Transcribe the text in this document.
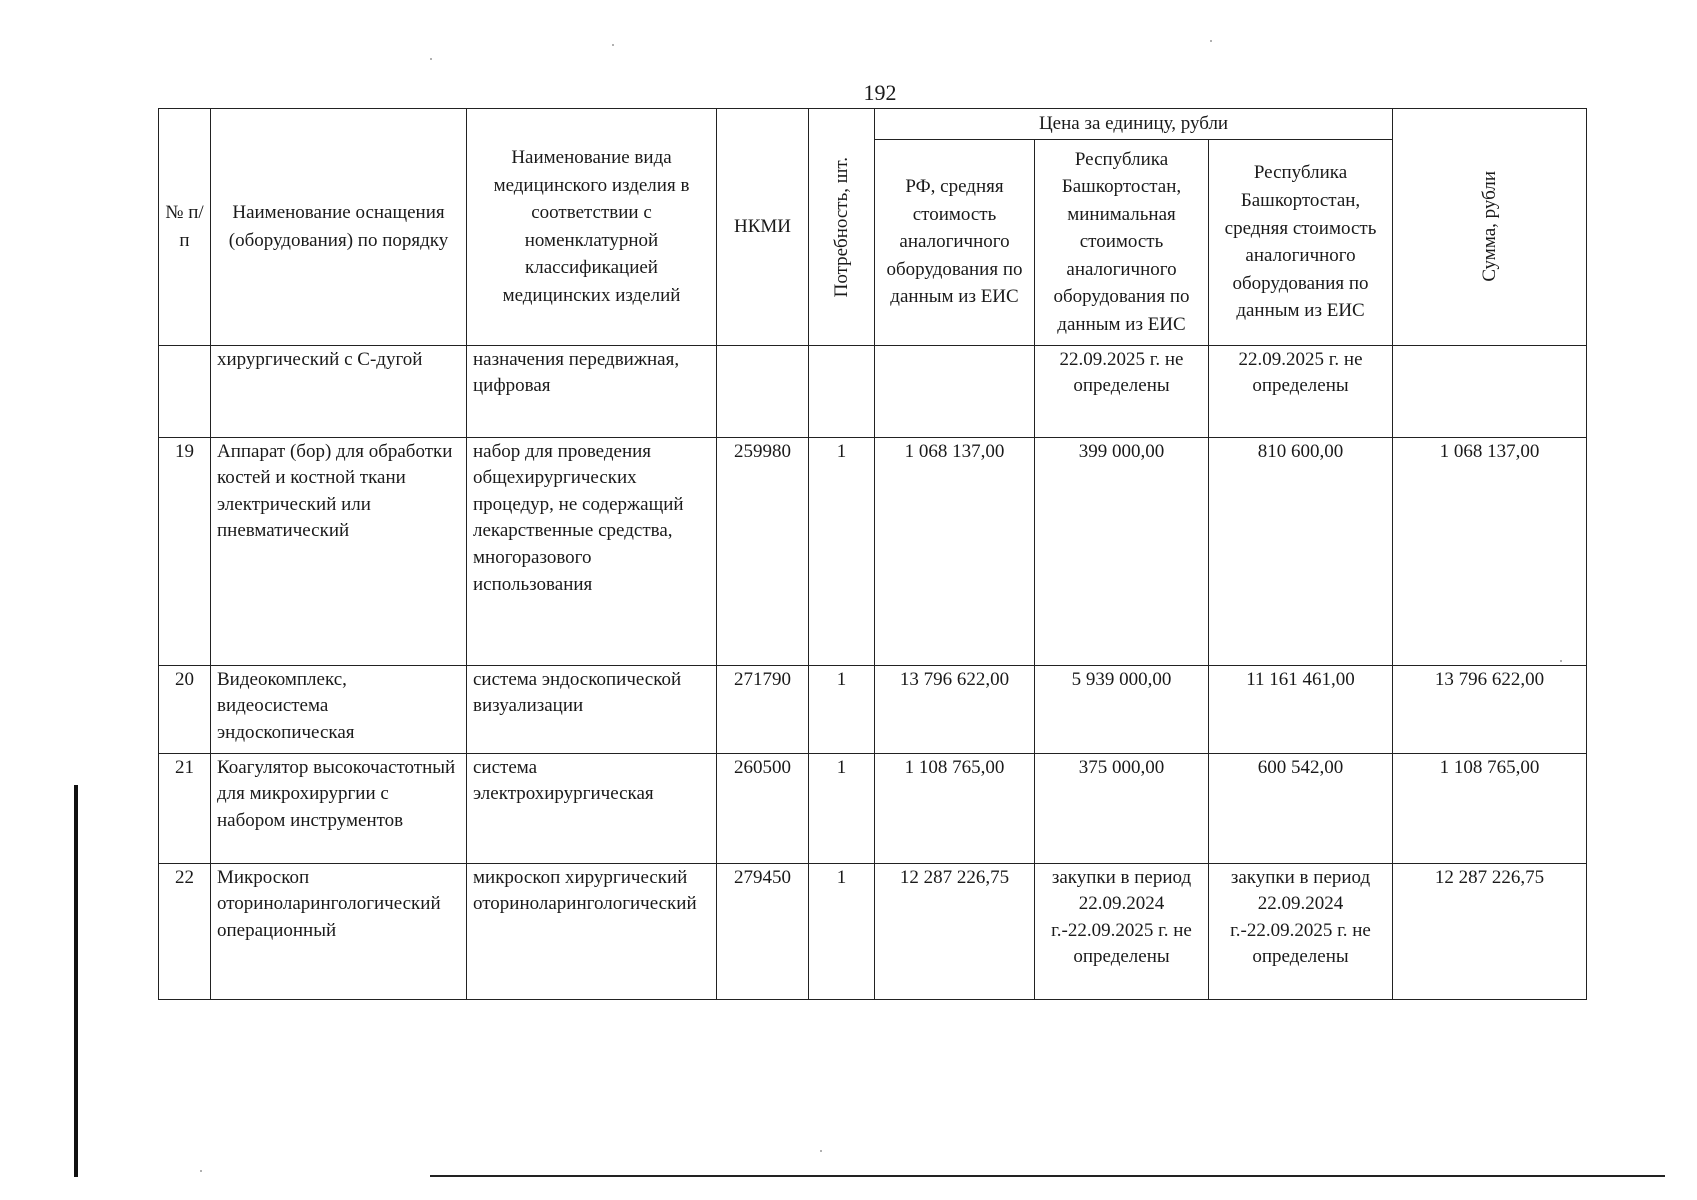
192
№ п/п	Наименование оснащения (оборудования) по порядку	Наименование вида медицинского изделия в соответствии с номенклатурной классификацией медицинских изделий	НКМИ	Потребность, шт.	Цена за единицу, рубли			Сумма, рубли

					РФ, средняя стоимость аналогичного оборудования по данным из ЕИС	Республика Башкортостан, минимальная стоимость аналогичного оборудования по данным из ЕИС	Республика Башкортостан, средняя стоимость аналогичного оборудования по данным из ЕИС	
	хирургический с С-дугой	назначения передвижная, цифровая				22.09.2025 г. не определены	22.09.2025 г. не определены	
19	Аппарат (бор) для обработки костей и костной ткани электрический или пневматический	набор для проведения общехирургических процедур, не содержащий лекарственные средства, многоразового использования	259980	1	1 068 137,00	399 000,00	810 600,00	1 068 137,00
20	Видеокомплекс, видеосистема эндоскопическая	система эндоскопической визуализации	271790	1	13 796 622,00	5 939 000,00	11 161 461,00	13 796 622,00
21	Коагулятор высокочастотный для микрохирургии с набором инструментов	система электрохирургическая	260500	1	1 108 765,00	375 000,00	600 542,00	1 108 765,00
22	Микроскоп оториноларингологический операционный	микроскоп хирургический оториноларингологический	279450	1	12 287 226,75	закупки в период 22.09.2024 г.-22.09.2025 г. не определены	закупки в период 22.09.2024 г.-22.09.2025 г. не определены	12 287 226,75
